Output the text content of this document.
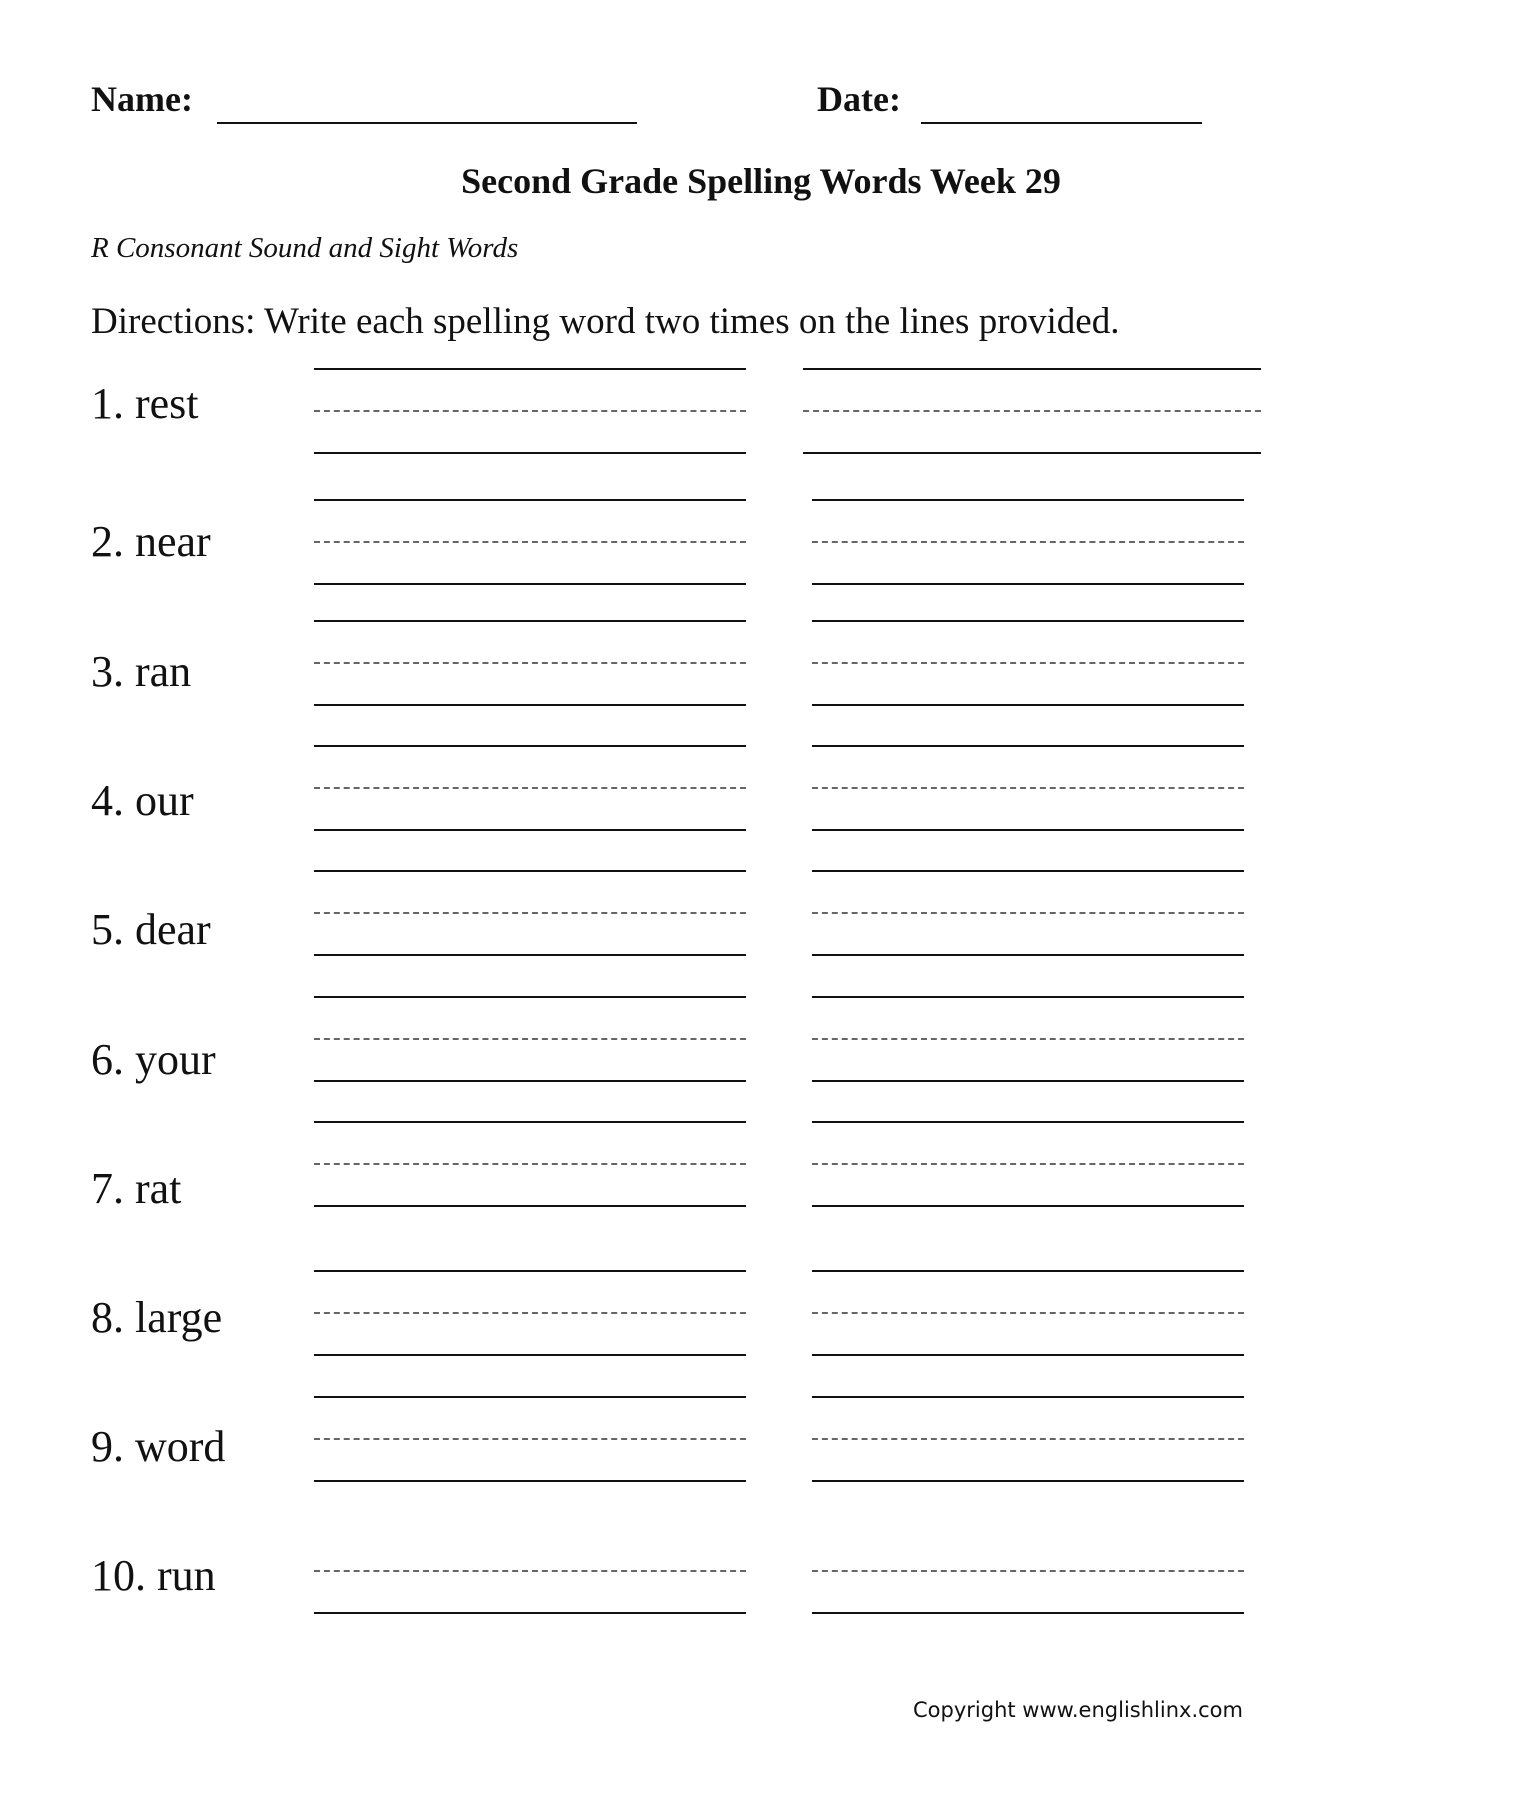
Name:	Date:
Second Grade Spelling Words Week 29
R Consonant Sound and Sight Words
Directions: Write each spelling word two times on the lines provided.
1. rest
2. near
3. ran
4. our
5. dear
6. your
7. rat
8. large
9. word
10. run
Copyright www.englishlinx.com
